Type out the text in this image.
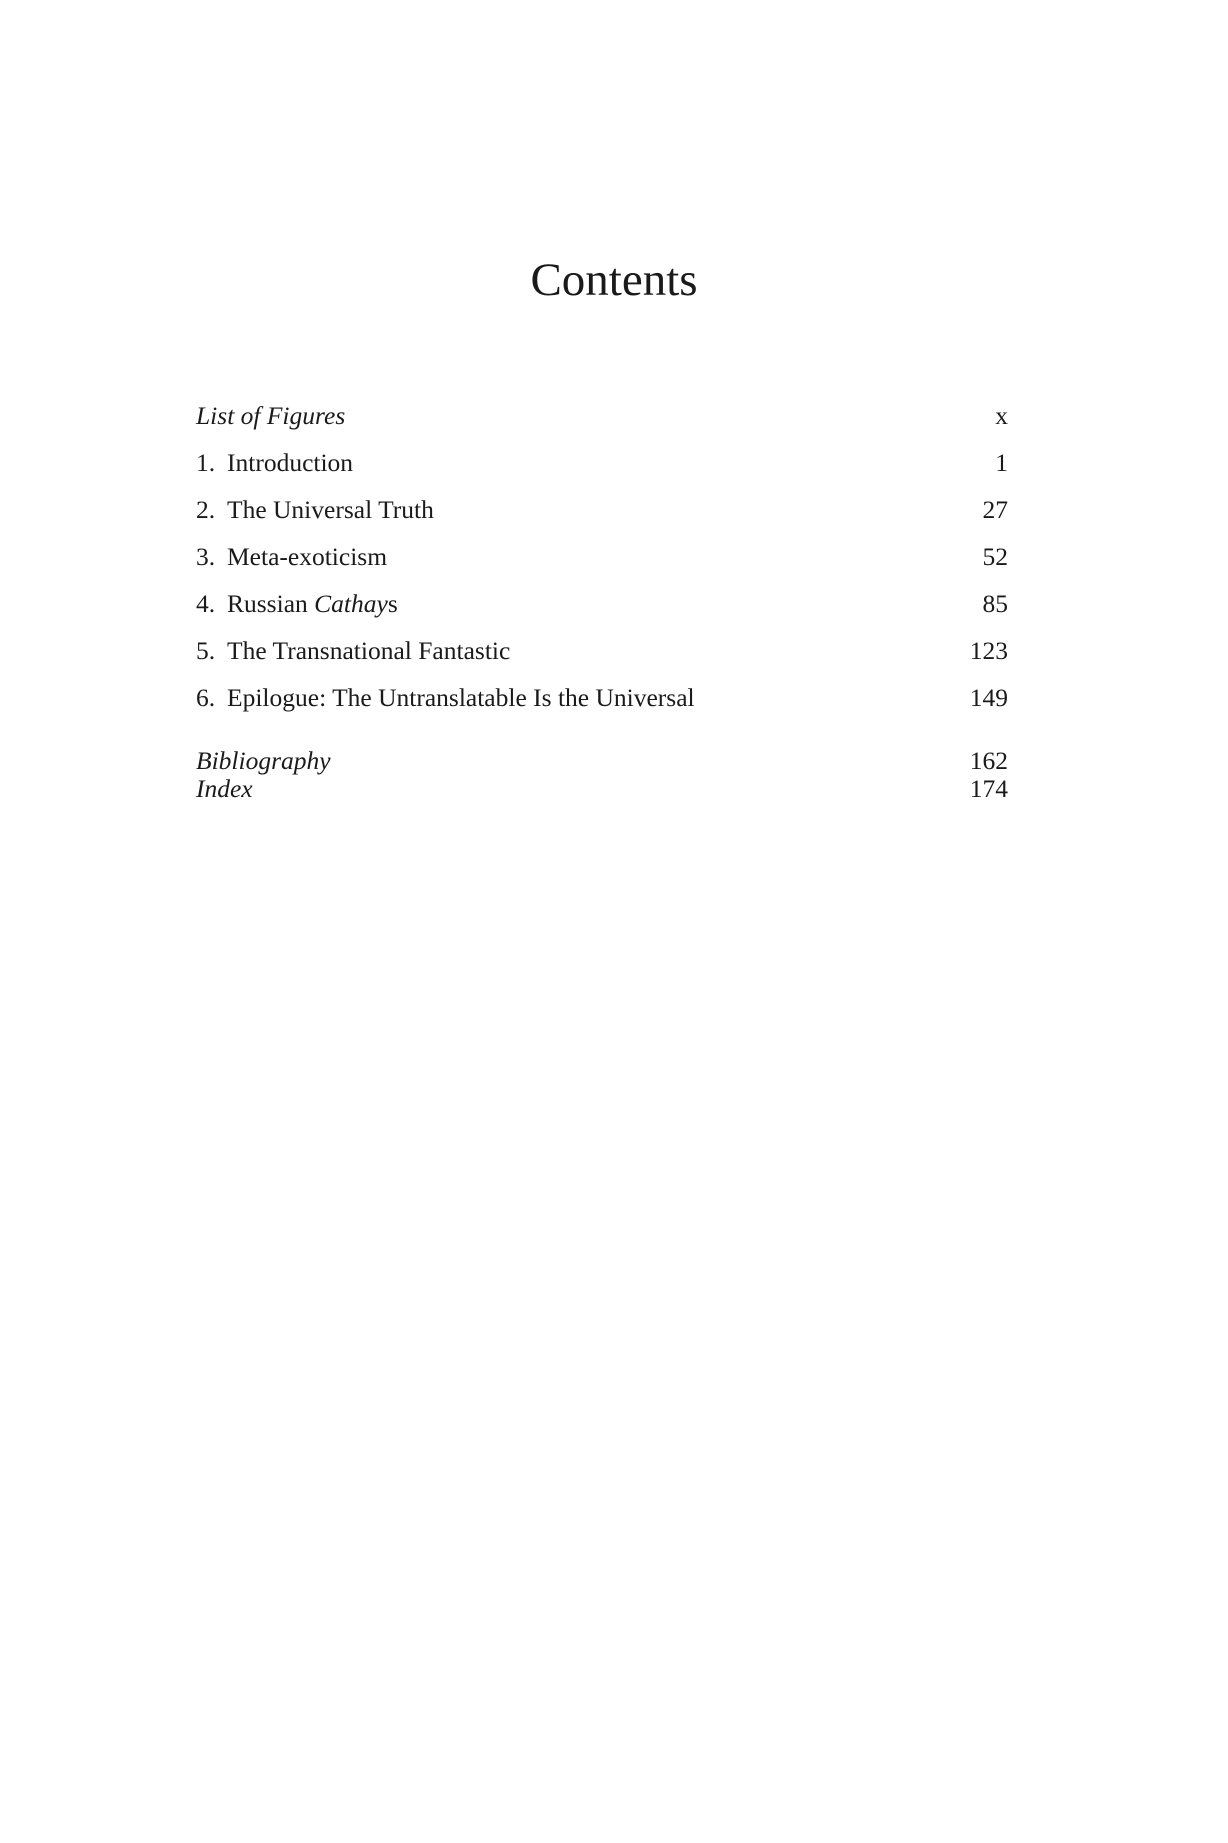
Contents
List of Figures	x
1. Introduction	1
2. The Universal Truth	27
3. Meta-exoticism	52
4. Russian Cathays	85
5. The Transnational Fantastic	123
6. Epilogue: The Untranslatable Is the Universal	149
Bibliography	162
Index	174
